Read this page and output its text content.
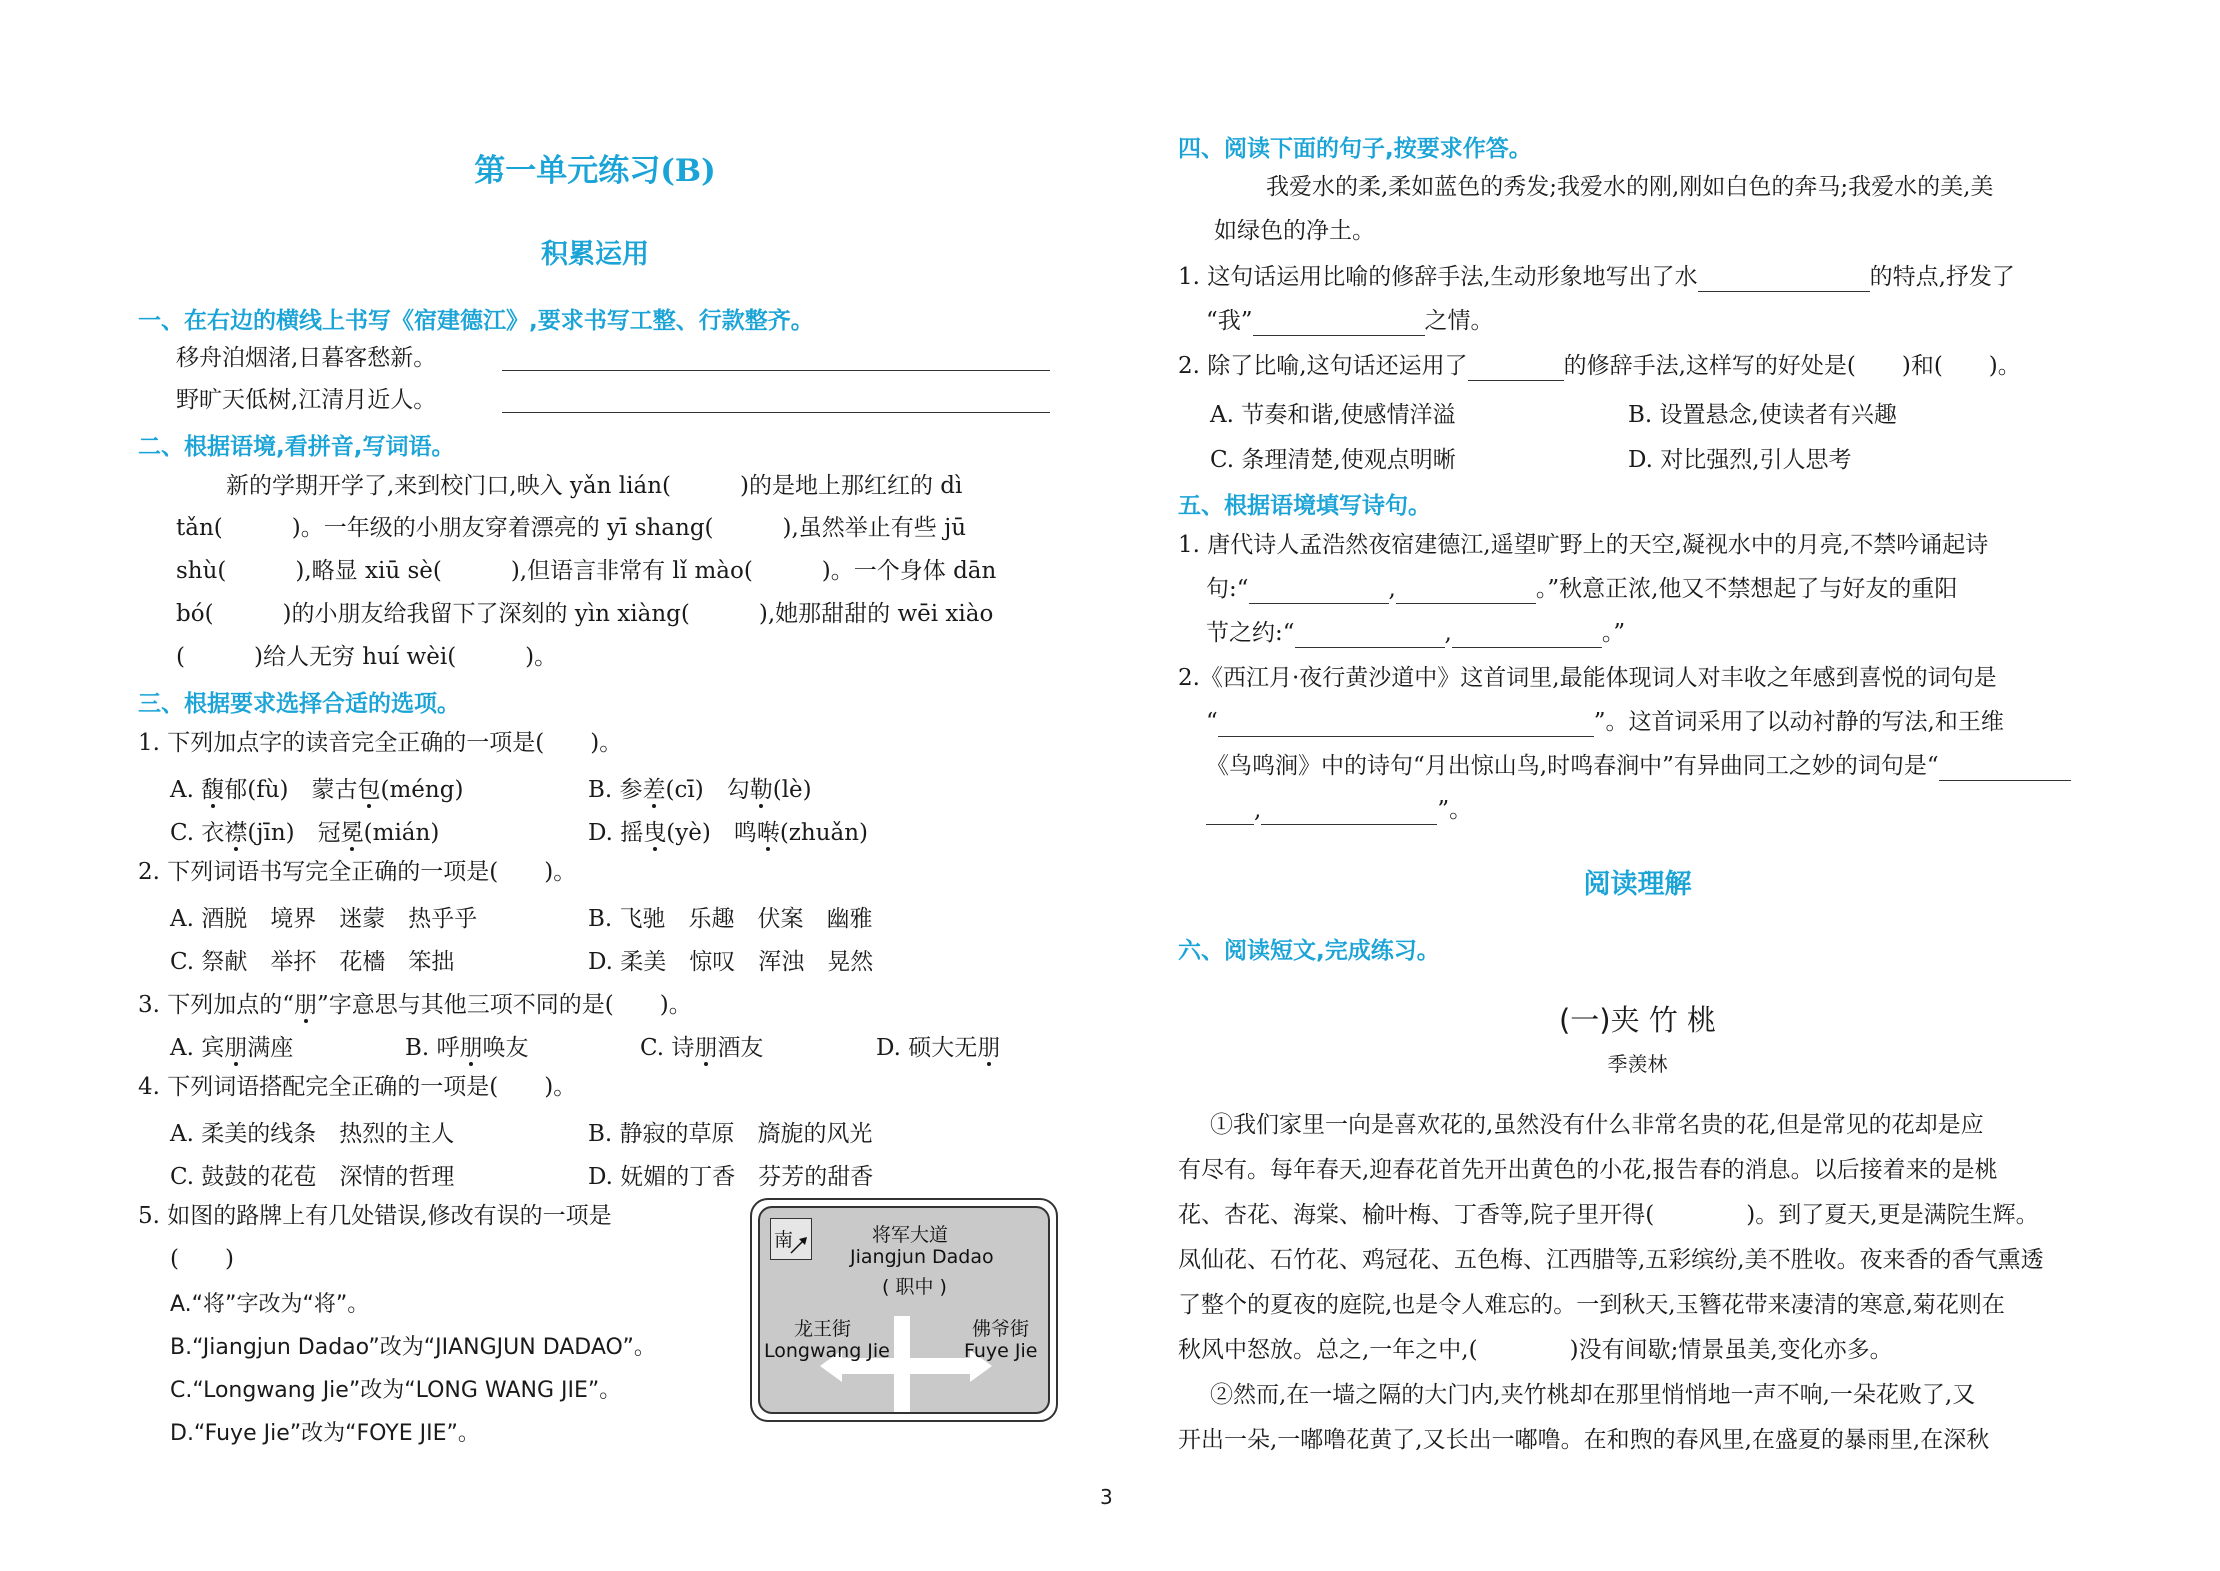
第一单元练习(B)
积累运用
一、在右边的横线上书写《宿建德江》,要求书写工整、行款整齐。
移舟泊烟渚,日暮客愁新。
野旷天低树,江清月近人。
二、根据语境,看拼音,写词语。
新的学期开学了,来到校门口,映入 yǎn lián(　　　)的是地上那红红的 dì
tǎn(　　　)。一年级的小朋友穿着漂亮的 yī shang(　　　),虽然举止有些 jū
shù(　　　),略显 xiū sè(　　　),但语言非常有 lǐ mào(　　　)。一个身体 dān
bó(　　　)的小朋友给我留下了深刻的 yìn xiàng(　　　),她那甜甜的 wēi xiào
(　　　)给人无穷 huí wèi(　　　)。
三、根据要求选择合适的选项。
1. 下列加点字的读音完全正确的一项是(　　)。
A. 馥郁(fù)　蒙古包(méng)	B. 参差(cī)　勾勒(lè)
C. 衣襟(jīn)　冠冕(mián)	D. 摇曳(yè)　鸣啭(zhuǎn)
2. 下列词语书写完全正确的一项是(　　)。
A. 酒脱　境界　迷蒙　热乎乎	B. 飞驰　乐趣　伏案　幽雅
C. 祭献　举抔　花檣　笨拙	D. 柔美　惊叹　浑浊　晃然
3. 下列加点的“朋”字意思与其他三项不同的是(　　)。
A. 宾朋满座	B. 呼朋唤友	C. 诗朋酒友	D. 硕大无朋
4. 下列词语搭配完全正确的一项是(　　)。
A. 柔美的线条　热烈的主人	B. 静寂的草原　旖旎的风光
C. 鼓鼓的花苞　深情的哲理	D. 妩媚的丁香　芬芳的甜香
5. 如图的路牌上有几处错误,修改有误的一项是
(　　)
A.“将”字改为“将”。
B.“Jiangjun Dadao”改为“JIANGJUN DADAO”。
C.“Longwang Jie”改为“LONG WANG JIE”。
D.“Fuye Jie”改为“FOYE JIE”。
南	将军大道
Jiangjun Dadao
( 职中 )
龙王街
Longwang Jie
佛爷街
Fuye Jie
四、阅读下面的句子,按要求作答。
我爱水的柔,柔如蓝色的秀发;我爱水的刚,刚如白色的奔马;我爱水的美,美
如绿色的净土。
1. 这句话运用比喻的修辞手法,生动形象地写出了水	的特点,抒发了
“我”	之情。
2. 除了比喻,这句话还运用了	的修辞手法,这样写的好处是(　　)和(　　)。
A. 节奏和谐,使感情洋溢	B. 设置悬念,使读者有兴趣
C. 条理清楚,使观点明晰	D. 对比强烈,引人思考
五、根据语境填写诗句。
1. 唐代诗人孟浩然夜宿建德江,遥望旷野上的天空,凝视水中的月亮,不禁吟诵起诗
句:“	,	。”秋意正浓,他又不禁想起了与好友的重阳
节之约:“	,	。”
2.《西江月·夜行黄沙道中》这首词里,最能体现词人对丰收之年感到喜悦的词句是
“	”。这首词采用了以动衬静的写法,和王维
《鸟鸣涧》中的诗句“月出惊山鸟,时鸣春涧中”有异曲同工之妙的词句是“
,	”。
阅读理解
六、阅读短文,完成练习。
(一)夹 竹 桃
季羡林
①我们家里一向是喜欢花的,虽然没有什么非常名贵的花,但是常见的花却是应
有尽有。每年春天,迎春花首先开出黄色的小花,报告春的消息。以后接着来的是桃
花、杏花、海棠、榆叶梅、丁香等,院子里开得(　　　　)。到了夏天,更是满院生辉。
凤仙花、石竹花、鸡冠花、五色梅、江西腊等,五彩缤纷,美不胜收。夜来香的香气熏透
了整个的夏夜的庭院,也是令人难忘的。一到秋天,玉簪花带来凄清的寒意,菊花则在
秋风中怒放。总之,一年之中,(　　　　)没有间歇;情景虽美,变化亦多。
②然而,在一墙之隔的大门内,夹竹桃却在那里悄悄地一声不响,一朵花败了,又
开出一朵,一嘟噜花黄了,又长出一嘟噜。在和煦的春风里,在盛夏的暴雨里,在深秋
3
